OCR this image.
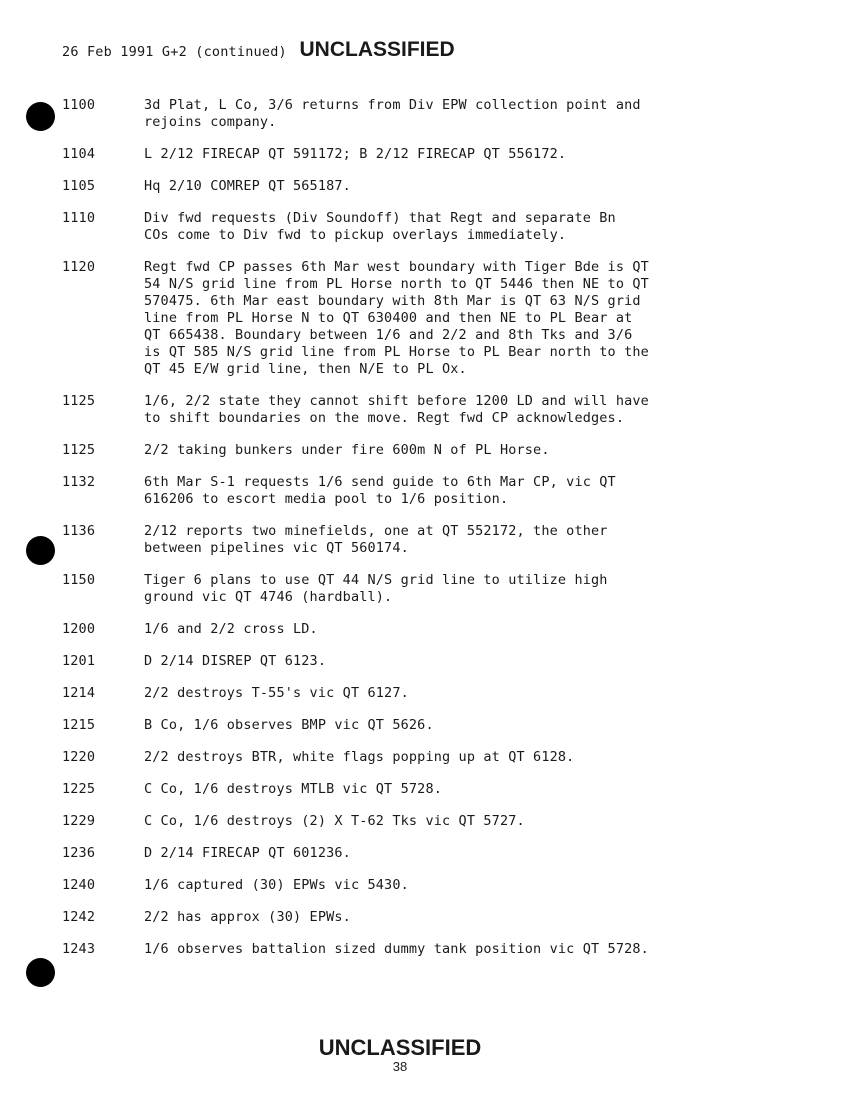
26 Feb 1991 G+2 (continued) UNCLASSIFIED
1100	3d Plat, L Co, 3/6 returns from Div EPW collection point and
rejoins company.
1104	L 2/12 FIRECAP QT 591172; B 2/12 FIRECAP QT 556172.
1105	Hq 2/10 COMREP QT 565187.
1110	Div fwd requests (Div Soundoff) that Regt and separate Bn
COs come to Div fwd to pickup overlays immediately.
1120	Regt fwd CP passes 6th Mar west boundary with Tiger Bde is QT
54 N/S grid line from PL Horse north to QT 5446 then NE to QT
570475. 6th Mar east boundary with 8th Mar is QT 63 N/S grid
line from PL Horse N to QT 630400 and then NE to PL Bear at
QT 665438. Boundary between 1/6 and 2/2 and 8th Tks and 3/6
is QT 585 N/S grid line from PL Horse to PL Bear north to the
QT 45 E/W grid line, then N/E to PL Ox.
1125	1/6, 2/2 state they cannot shift before 1200 LD and will have
to shift boundaries on the move. Regt fwd CP acknowledges.
1125	2/2 taking bunkers under fire 600m N of PL Horse.
1132	6th Mar S-1 requests 1/6 send guide to 6th Mar CP, vic QT
616206 to escort media pool to 1/6 position.
1136	2/12 reports two minefields, one at QT 552172, the other
between pipelines vic QT 560174.
1150	Tiger 6 plans to use QT 44 N/S grid line to utilize high
ground vic QT 4746 (hardball).
1200	1/6 and 2/2 cross LD.
1201	D 2/14 DISREP QT 6123.
1214	2/2 destroys T-55's vic QT 6127.
1215	B Co, 1/6 observes BMP vic QT 5626.
1220	2/2 destroys BTR, white flags popping up at QT 6128.
1225	C Co, 1/6 destroys MTLB vic QT 5728.
1229	C Co, 1/6 destroys (2) X T-62 Tks vic QT 5727.
1236	D 2/14 FIRECAP QT 601236.
1240	1/6 captured (30) EPWs vic 5430.
1242	2/2 has approx (30) EPWs.
1243	1/6 observes battalion sized dummy tank position vic QT 5728.
UNCLASSIFIED
38
